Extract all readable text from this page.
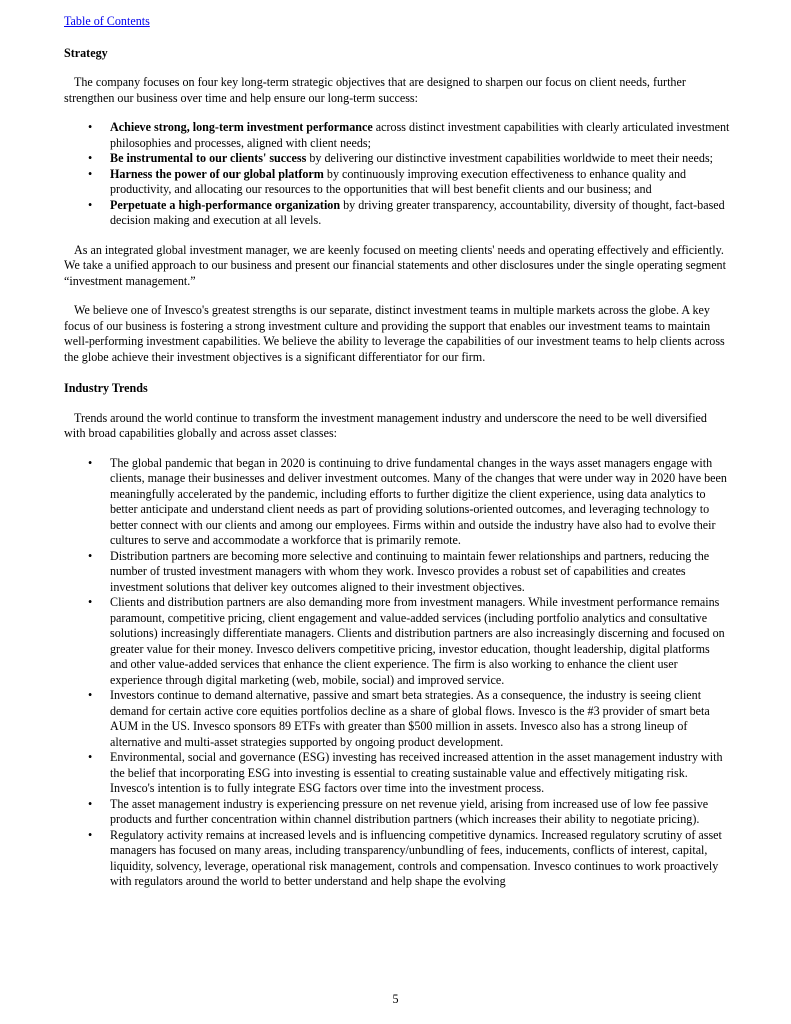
Table of Contents
Strategy

The company focuses on four key long-term strategic objectives that are designed to sharpen our focus on client needs, further strengthen our business over time and help ensure our long-term success:

• Achieve strong, long-term investment performance across distinct investment capabilities with clearly articulated investment philosophies and processes, aligned with client needs;
• Be instrumental to our clients' success by delivering our distinctive investment capabilities worldwide to meet their needs;
• Harness the power of our global platform by continuously improving execution effectiveness to enhance quality and productivity, and allocating our resources to the opportunities that will best benefit clients and our business; and
• Perpetuate a high-performance organization by driving greater transparency, accountability, diversity of thought, fact-based decision making and execution at all levels.

As an integrated global investment manager, we are keenly focused on meeting clients' needs and operating effectively and efficiently. We take a unified approach to our business and present our financial statements and other disclosures under the single operating segment “investment management.”

We believe one of Invesco's greatest strengths is our separate, distinct investment teams in multiple markets across the globe. A key focus of our business is fostering a strong investment culture and providing the support that enables our investment teams to maintain well-performing investment capabilities. We believe the ability to leverage the capabilities of our investment teams to help clients across the globe achieve their investment objectives is a significant differentiator for our firm.

Industry Trends

Trends around the world continue to transform the investment management industry and underscore the need to be well diversified with broad capabilities globally and across asset classes:

• The global pandemic that began in 2020 is continuing to drive fundamental changes in the ways asset managers engage with clients, manage their businesses and deliver investment outcomes. Many of the changes that were under way in 2020 have been meaningfully accelerated by the pandemic, including efforts to further digitize the client experience, using data analytics to better anticipate and understand client needs as part of providing solutions-oriented outcomes, and leveraging technology to better connect with our clients and among our employees. Firms within and outside the industry have also had to evolve their cultures to serve and accommodate a workforce that is primarily remote.
• Distribution partners are becoming more selective and continuing to maintain fewer relationships and partners, reducing the number of trusted investment managers with whom they work. Invesco provides a robust set of capabilities and creates investment solutions that deliver key outcomes aligned to their investment objectives.
• Clients and distribution partners are also demanding more from investment managers. While investment performance remains paramount, competitive pricing, client engagement and value-added services (including portfolio analytics and consultative solutions) increasingly differentiate managers. Clients and distribution partners are also increasingly discerning and focused on greater value for their money. Invesco delivers competitive pricing, investor education, thought leadership, digital platforms and other value-added services that enhance the client experience. The firm is also working to enhance the client user experience through digital marketing (web, mobile, social) and improved service.
• Investors continue to demand alternative, passive and smart beta strategies. As a consequence, the industry is seeing client demand for certain active core equities portfolios decline as a share of global flows. Invesco is the #3 provider of smart beta AUM in the US. Invesco sponsors 89 ETFs with greater than $500 million in assets. Invesco also has a strong lineup of alternative and multi-asset strategies supported by ongoing product development.
• Environmental, social and governance (ESG) investing has received increased attention in the asset management industry with the belief that incorporating ESG into investing is essential to creating sustainable value and effectively mitigating risk. Invesco's intention is to fully integrate ESG factors over time into the investment process.
• The asset management industry is experiencing pressure on net revenue yield, arising from increased use of low fee passive products and further concentration within channel distribution partners (which increases their ability to negotiate pricing).
• Regulatory activity remains at increased levels and is influencing competitive dynamics. Increased regulatory scrutiny of asset managers has focused on many areas, including transparency/unbundling of fees, inducements, conflicts of interest, capital, liquidity, solvency, leverage, operational risk management, controls and compensation. Invesco continues to work proactively with regulators around the world to better understand and help shape the evolving
5
